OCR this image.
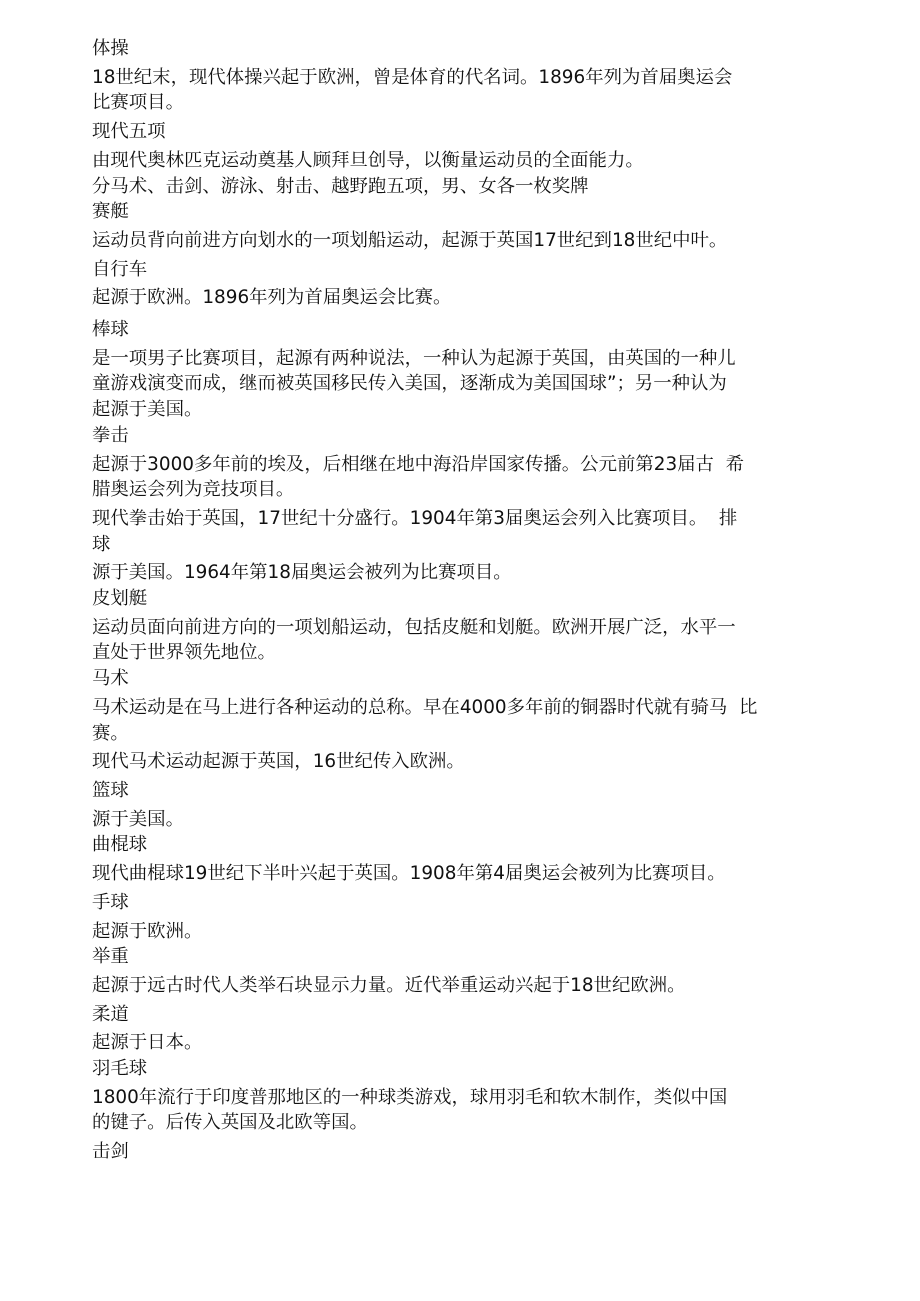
体操

18世纪末，现代体操兴起于欧洲，曾是体育的代名词。1896年列为首届奥运会

比赛项目。

现代五项

由现代奥林匹克运动奠基人顾拜旦创导，以衡量运动员的全面能力。

分马术、击剑、游泳、射击、越野跑五项，男、女各一枚奖牌

赛艇

运动员背向前进方向划水的一项划船运动，起源于英国17世纪到18世纪中叶。

自行车

起源于欧洲。1896年列为首届奥运会比赛。

棒球

是一项男子比赛项目，起源有两种说法，一种认为起源于英国，由英国的一种儿

童游戏演变而成，继而被英国移民传入美国，逐渐成为美国国球”；另一种认为

起源于美国。

拳击

起源于3000多年前的埃及，后相继在地中海沿岸国家传播。公元前第23届古  希

腊奥运会列为竞技项目。

现代拳击始于英国，17世纪十分盛行。1904年第3届奥运会列入比赛项目。  排

球

源于美国。1964年第18届奥运会被列为比赛项目。

皮划艇

运动员面向前进方向的一项划船运动，包括皮艇和划艇。欧洲开展广泛，水平一

直处于世界领先地位。

马术

马术运动是在马上进行各种运动的总称。早在4000多年前的铜器时代就有骑马  比

赛。

现代马术运动起源于英国，16世纪传入欧洲。

篮球

源于美国。

曲棍球

现代曲棍球19世纪下半叶兴起于英国。1908年第4届奥运会被列为比赛项目。

手球

起源于欧洲。

举重

起源于远古时代人类举石块显示力量。近代举重运动兴起于18世纪欧洲。

柔道

起源于日本。

羽毛球

1800年流行于印度普那地区的一种球类游戏，球用羽毛和软木制作，类似中国

的键子。后传入英国及北欧等国。

击剑
